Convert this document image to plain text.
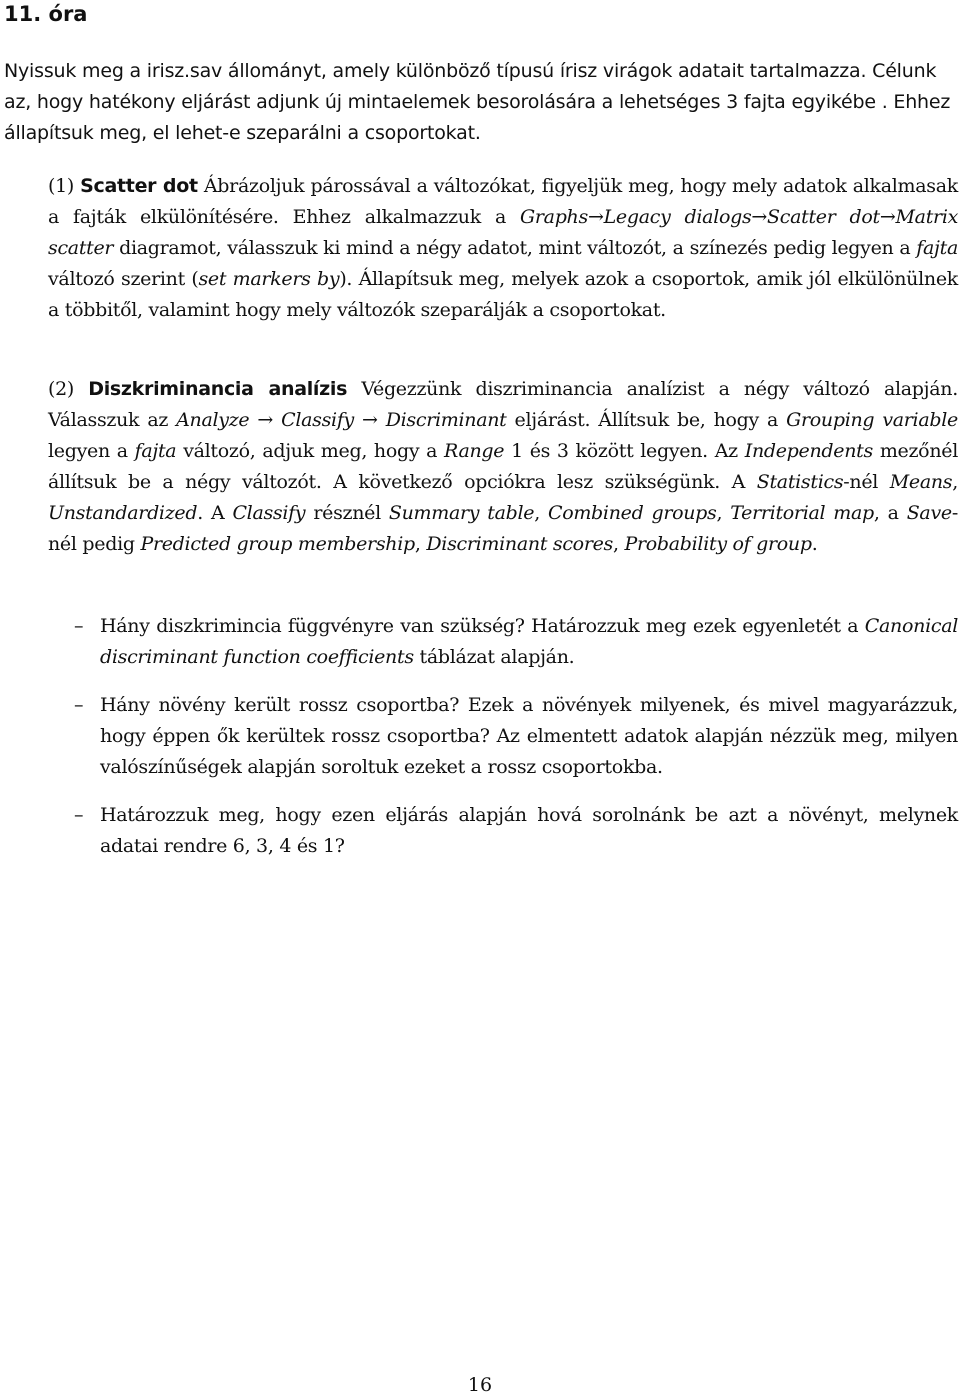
11. óra

Nyissuk meg a irisz.sav állományt, amely különböző típusú írisz virágok adatait tartalmazza. Célunk az, hogy hatékony eljárást adjunk új mintaelemek besorolására a lehetséges 3 fajta egyikébe . Ehhez állapítsuk meg, el lehet-e szeparálni a csoportokat.

(1) Scatter dot Ábrázoljuk párossával a változókat, figyeljük meg, hogy mely adatok alkalmasak a fajták elkülönítésére. Ehhez alkalmazzuk a Graphs→Legacy dialogs→Scatter dot→Matrix scatter diagramot, válasszuk ki mind a négy adatot, mint változót, a színezés pedig legyen a fajta változó szerint (set markers by). Állapítsuk meg, melyek azok a csoportok, amik jól elkülönülnek a többitől, valamint hogy mely változók szeparálják a csoportokat.

(2) Diszkriminancia analízis Végezzünk diszriminancia analízist a négy változó alapján. Válasszuk az Analyze → Classify → Discriminant eljárást. Állítsuk be, hogy a Grouping variable legyen a fajta változó, adjuk meg, hogy a Range 1 és 3 között legyen. Az Independents mezőnél állítsuk be a négy változót. A következő opciókra lesz szükségünk. A Statistics-nél Means, Unstandardized. A Classify résznél Summary table, Combined groups, Territorial map, a Save-nél pedig Predicted group membership, Discriminant scores, Probability of group.

– Hány diszkrimincia függvényre van szükség? Határozzuk meg ezek egyenletét a Canonical discriminant function coefficients táblázat alapján.
– Hány növény került rossz csoportba? Ezek a növények milyenek, és mivel magyarázzuk, hogy éppen ők kerültek rossz csoportba? Az elmentett adatok alapján nézzük meg, milyen valószínűségek alapján soroltuk ezeket a rossz csoportokba.
– Határozzuk meg, hogy ezen eljárás alapján hová sorolnánk be azt a növényt, melynek adatai rendre 6, 3, 4 és 1?
16
